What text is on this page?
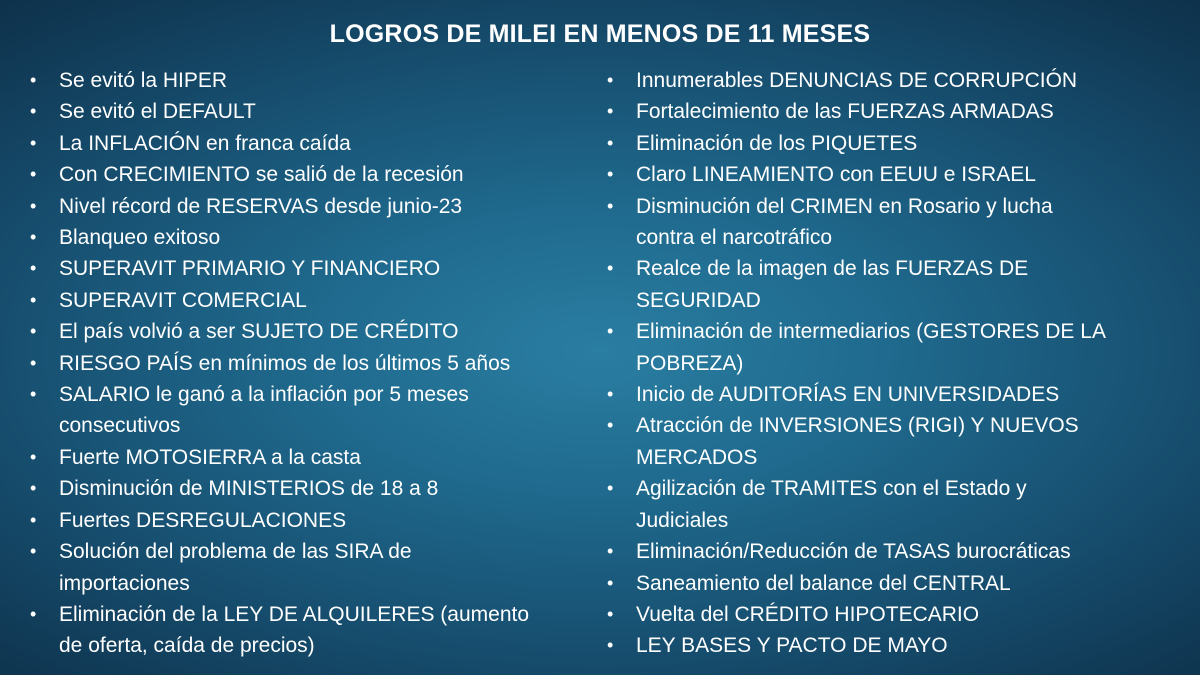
LOGROS DE MILEI EN MENOS DE 11 MESES
• Se evitó la HIPER
• Se evitó el DEFAULT
• La INFLACIÓN en franca caída
• Con CRECIMIENTO se salió de la recesión
• Nivel récord de RESERVAS desde junio-23
• Blanqueo exitoso
• SUPERAVIT PRIMARIO Y FINANCIERO
• SUPERAVIT COMERCIAL
• El país volvió a ser SUJETO DE CRÉDITO
• RIESGO PAÍS en mínimos de los últimos 5 años
• SALARIO le ganó a la inflación por 5 meses
consecutivos
• Fuerte MOTOSIERRA a la casta
• Disminución de MINISTERIOS de 18 a 8
• Fuertes DESREGULACIONES
• Solución del problema de las SIRA de
importaciones
• Eliminación de la LEY DE ALQUILERES (aumento
de oferta, caída de precios)
• Innumerables DENUNCIAS DE CORRUPCIÓN
• Fortalecimiento de las FUERZAS ARMADAS
• Eliminación de los PIQUETES
• Claro LINEAMIENTO con EEUU e ISRAEL
• Disminución del CRIMEN en Rosario y lucha
contra el narcotráfico
• Realce de la imagen de las FUERZAS DE
SEGURIDAD
• Eliminación de intermediarios (GESTORES DE LA
POBREZA)
• Inicio de AUDITORÍAS EN UNIVERSIDADES
• Atracción de INVERSIONES (RIGI) Y NUEVOS
MERCADOS
• Agilización de TRAMITES con el Estado y
Judiciales
• Eliminación/Reducción de TASAS burocráticas
• Saneamiento del balance del CENTRAL
• Vuelta del CRÉDITO HIPOTECARIO
• LEY BASES Y PACTO DE MAYO
